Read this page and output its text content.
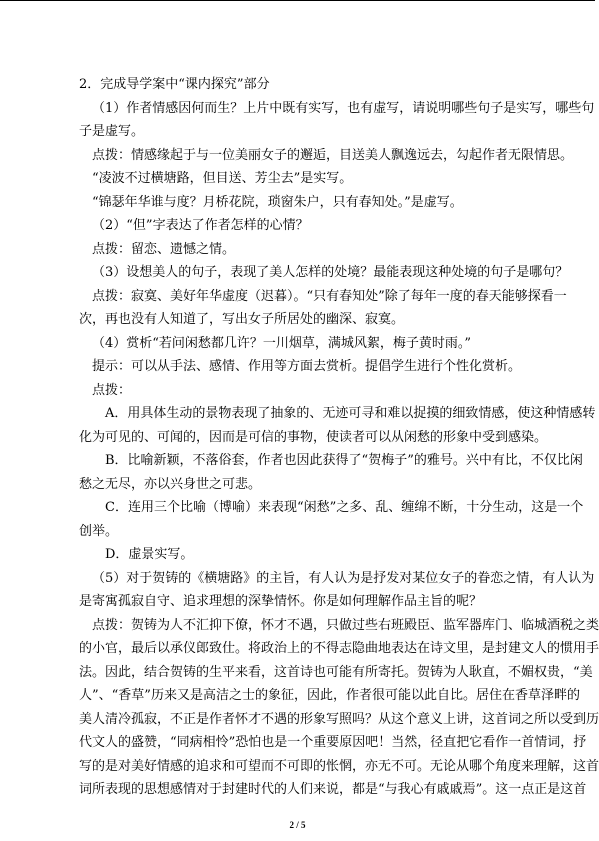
2．完成导学案中“课内探究”部分
（1）作者情感因何而生？上片中既有实写，也有虚写，请说明哪些句子是实写，哪些句
子是虚写。
点拨：情感缘起于与一位美丽女子的邂逅，目送美人飘逸远去，勾起作者无限情思。
“凌波不过横塘路，但目送、芳尘去”是实写。
“锦瑟年华谁与度？月桥花院，琐窗朱户，只有春知处。”是虚写。
（2）“但”字表达了作者怎样的心情？
点拨：留恋、遗憾之情。
（3）设想美人的句子，表现了美人怎样的处境？最能表现这种处境的句子是哪句？
点拨：寂寞、美好年华虚度（迟暮）。“只有春知处”除了每年一度的春天能够探看一
次，再也没有人知道了，写出女子所居处的幽深、寂寞。
（4）赏析“若问闲愁都几许？一川烟草，满城风絮，梅子黄时雨。”
提示：可以从手法、感情、作用等方面去赏析。提倡学生进行个性化赏析。
点拨：
A．用具体生动的景物表现了抽象的、无迹可寻和难以捉摸的细致情感，使这种情感转
化为可见的、可闻的，因而是可信的事物，使读者可以从闲愁的形象中受到感染。
B．比喻新颖，不落俗套，作者也因此获得了“贺梅子”的雅号。兴中有比，不仅比闲
愁之无尽，亦以兴身世之可悲。
C．连用三个比喻（博喻）来表现“闲愁”之多、乱、缠绵不断，十分生动，这是一个
创举。
D．虚景实写。
（5）对于贺铸的《横塘路》的主旨，有人认为是抒发对某位女子的眷恋之情，有人认为
是寄寓孤寂自守、追求理想的深挚情怀。你是如何理解作品主旨的呢？
点拨：贺铸为人不汇抑下僚，怀才不遇，只做过些右班殿臣、监军器库门、临城酒税之类
的小官，最后以承仪郎致仕。将政治上的不得志隐曲地表达在诗文里，是封建文人的惯用手
法。因此，结合贺铸的生平来看，这首诗也可能有所寄托。贺铸为人耿直，不媚权贵，“美
人”、“香草”历来又是高洁之士的象征，因此，作者很可能以此自比。居住在香草泽畔的
美人清冷孤寂，不正是作者怀才不遇的形象写照吗？从这个意义上讲，这首词之所以受到历
代文人的盛赞，“同病相怜”恐怕也是一个重要原因吧！当然，径直把它看作一首情词，抒
写的是对美好情感的追求和可望而不可即的怅惘，亦无不可。无论从哪个角度来理解，这首
词所表现的思想感情对于封建时代的人们来说，都是“与我心有戚戚焉”。这一点正是这首
2 / 5
